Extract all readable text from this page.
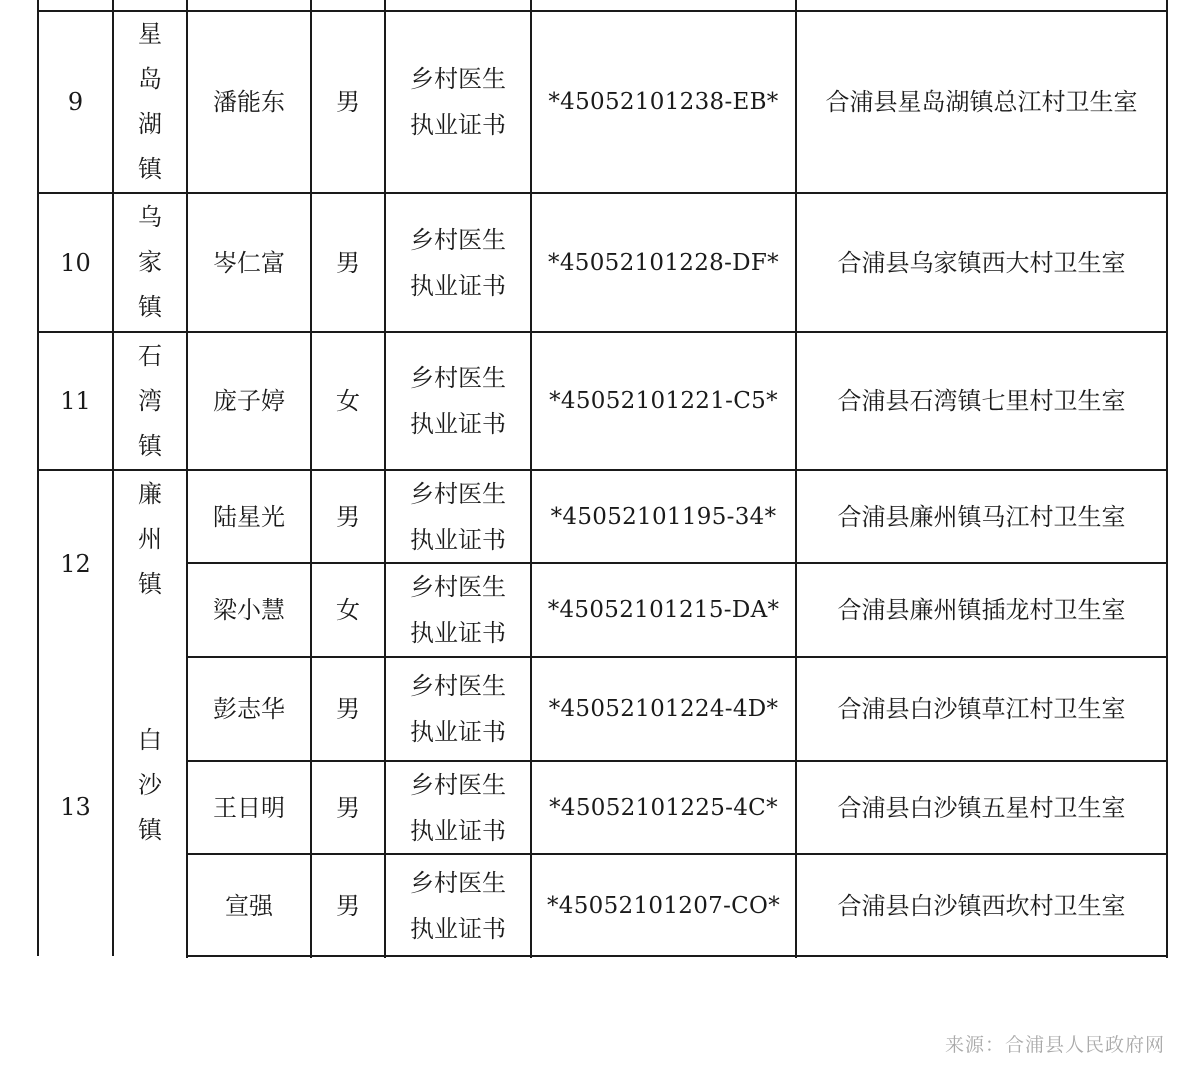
9
星
岛
湖
镇
潘能东 男
乡村医生
执业证书
*45052101238-EB* 合浦县星岛湖镇总江村卫生室
10
乌
家
镇
岑仁富 男
乡村医生
执业证书
*45052101228-DF* 合浦县乌家镇西大村卫生室
11
石
湾
镇
庞子婷 女
乡村医生
执业证书
*45052101221-C5* 合浦县石湾镇七里村卫生室
12
廉
州
镇
陆星光 男
乡村医生
执业证书
*45052101195-34*	合浦县廉州镇马江村卫生室
梁小慧 女
乡村医生
执业证书
*45052101215-DA* 合浦县廉州镇插龙村卫生室
13
白
沙
镇
彭志华 男
乡村医生
执业证书
*45052101224-4D* 合浦县白沙镇草江村卫生室
王日明 男
乡村医生
执业证书
*45052101225-4C* 合浦县白沙镇五星村卫生室
宣强	男
乡村医生
执业证书
*45052101207-CO* 合浦县白沙镇西坎村卫生室
来源：合浦县人民政府网
